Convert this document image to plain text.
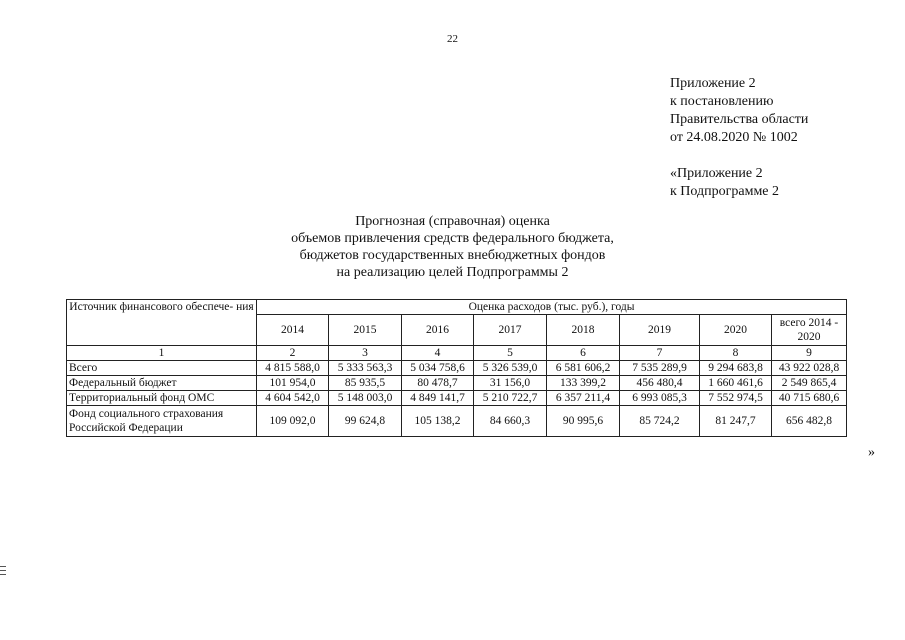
22
Приложение 2
к постановлению
Правительства области
от 24.08.2020 № 1002
«Приложение 2
к Подпрограмме 2
Прогнозная (справочная) оценка
объемов привлечения средств федерального бюджета,
бюджетов государственных внебюджетных фондов
на реализацию целей Подпрограммы 2
Источник финансового обеспече- ния	Оценка расходов (тыс. руб.), годы							
	2014	2015	2016	2017	2018	2019	2020	всего 2014 - 2020
1	2	3	4	5	6	7	8	9
Всего	4 815 588,0	5 333 563,3	5 034 758,6	5 326 539,0	6 581 606,2	7 535 289,9	9 294 683,8	43 922 028,8
Федеральный бюджет	101 954,0	85 935,5	80 478,7	31 156,0	133 399,2	456 480,4	1 660 461,6	2 549 865,4
Территориальный фонд ОМС	4 604 542,0	5 148 003,0	4 849 141,7	5 210 722,7	6 357 211,4	6 993 085,3	7 552 974,5	40 715 680,6
Фонд социального страхования Российской Федерации	109 092,0	99 624,8	105 138,2	84 660,3	90 995,6	85 724,2	81 247,7	656 482,8
»
